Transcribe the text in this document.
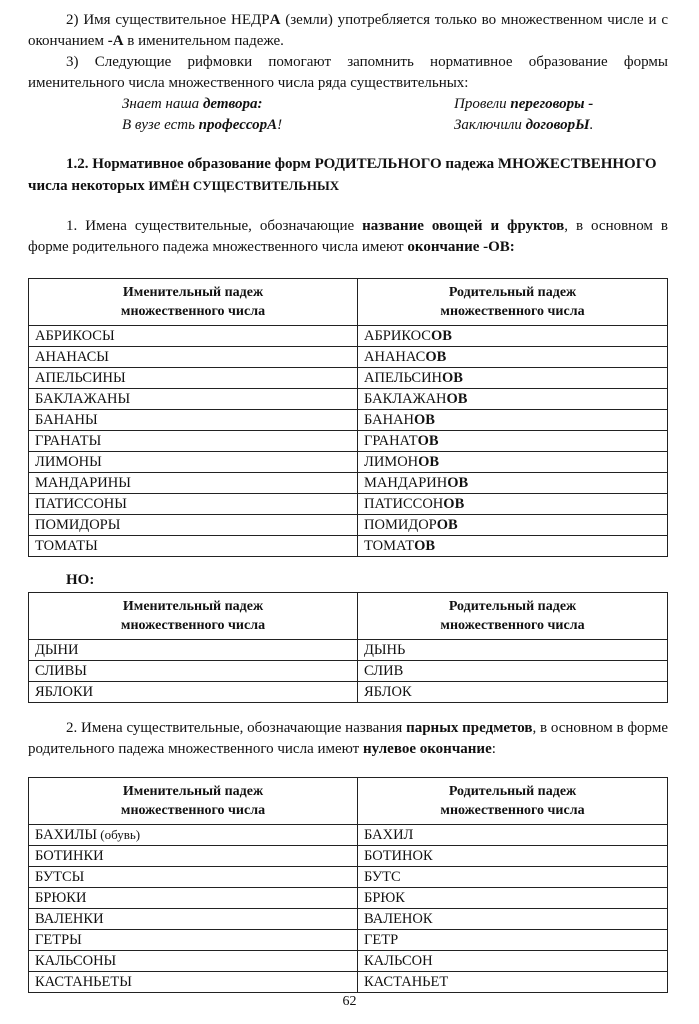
2) Имя существительное НЕДРА (земли) употребляется только во множественном числе и с окончанием -А в именительном падеже.

3) Следующие рифмовки помогают запомнить нормативное образование формы именительного числа множественного числа ряда существительных:

Знает наша детвора:	Провели переговоры -

В вузе есть профессорА!	Заключили договорЫ.

1.2. Нормативное образование форм РОДИТЕЛЬНОГО падежа МНОЖЕСТВЕННОГО числа некоторых ИМЁН СУЩЕСТВИТЕЛЬНЫХ

1. Имена существительные, обозначающие название овощей и фруктов, в основном в форме родительного падежа множественного числа имеют окончание -ОВ:

Именительный падеж
множественного числа	Родительный падеж
множественного числа

АБРИКОСЫ	АБРИКОСОВ
АНАНАСЫ	АНАНАСОВ
АПЕЛЬСИНЫ	АПЕЛЬСИНОВ
БАКЛАЖАНЫ	БАКЛАЖАНОВ
БАНАНЫ	БАНАНОВ
ГРАНАТЫ	ГРАНАТОВ
ЛИМОНЫ	ЛИМОНОВ
МАНДАРИНЫ	МАНДАРИНОВ
ПАТИССОНЫ	ПАТИССОНОВ
ПОМИДОРЫ	ПОМИДОРОВ
ТОМАТЫ	ТОМАТОВ

НО:

Именительный падеж
множественного числа	Родительный падеж
множественного числа

ДЫНИ	ДЫНЬ
СЛИВЫ	СЛИВ
ЯБЛОКИ	ЯБЛОК

2. Имена существительные, обозначающие названия парных предметов, в основном в форме родительного падежа множественного числа имеют нулевое окончание:

Именительный падеж
множественного числа	Родительный падеж
множественного числа

БАХИЛЫ (обувь)	БАХИЛ
БОТИНКИ	БОТИНОК
БУТСЫ	БУТС
БРЮКИ	БРЮК
ВАЛЕНКИ	ВАЛЕНОК
ГЕТРЫ	ГЕТР
КАЛЬСОНЫ	КАЛЬСОН
КАСТАНЬЕТЫ	КАСТАНЬЕТ

62
